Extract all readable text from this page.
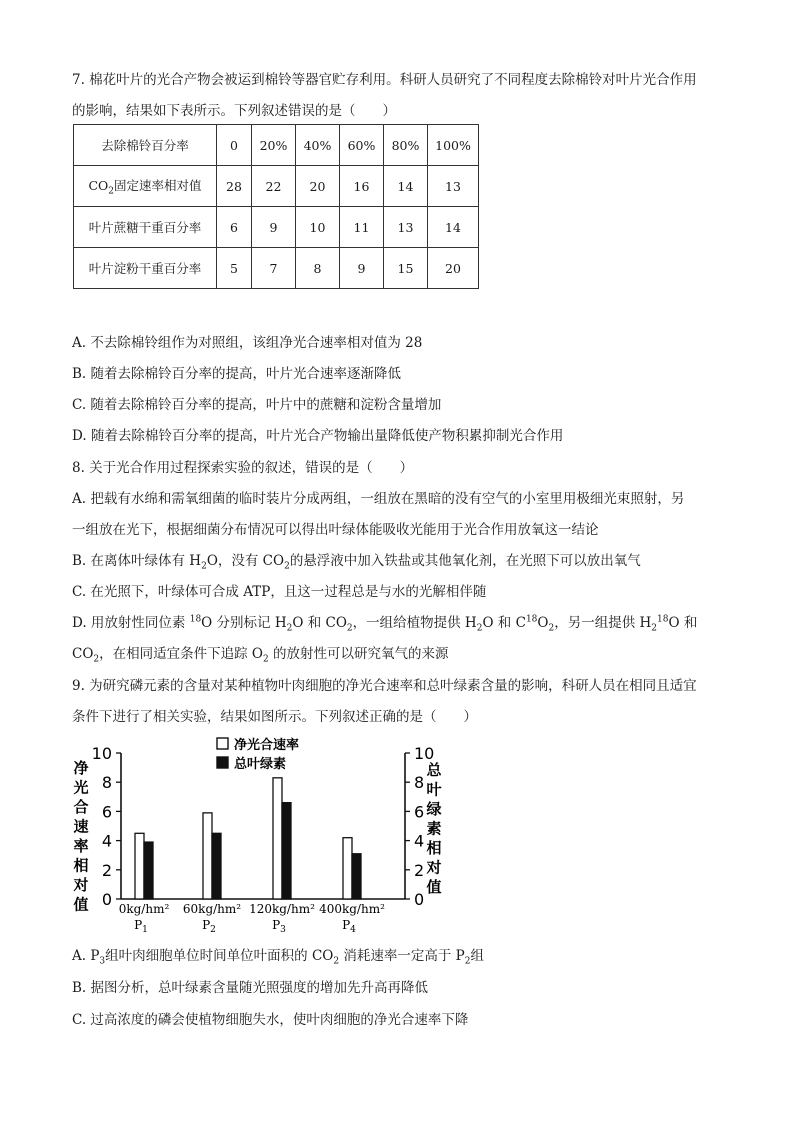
7. 棉花叶片的光合产物会被运到棉铃等器官贮存利用。科研人员研究了不同程度去除棉铃对叶片光合作用
的影响，结果如下表所示。下列叙述错误的是（　　）
去除棉铃百分率	0	20%	40%	60%	80%	100%
$CO_2$固定速率相对值	28	22	20	16	14	13
叶片蔗糖干重百分率	6	9	10	11	13	14
叶片淀粉干重百分率	5	7	8	9	15	20
A. 不去除棉铃组作为对照组，该组净光合速率相对值为 28
B. 随着去除棉铃百分率的提高，叶片光合速率逐渐降低
C. 随着去除棉铃百分率的提高，叶片中的蔗糖和淀粉含量增加
D. 随着去除棉铃百分率的提高，叶片光合产物输出量降低使产物积累抑制光合作用
8. 关于光合作用过程探索实验的叙述，错误的是（　　）
A. 把载有水绵和需氧细菌的临时装片分成两组，一组放在黑暗的没有空气的小室里用极细光束照射，另
一组放在光下，根据细菌分布情况可以得出叶绿体能吸收光能用于光合作用放氧这一结论
B. 在离体叶绿体有 $H_2O$，没有 $CO_2$的悬浮液中加入铁盐或其他氧化剂，在光照下可以放出氧气
C. 在光照下，叶绿体可合成 ATP，且这一过程总是与水的光解相伴随
D. 用放射性同位素 $^{18}$O 分别标记 $H_2O$ 和 $CO_2$，一组给植物提供 $H_2O$ 和 $C^{18}O_2$，另一组提供 $H_2^{18}O$ 和
$CO_2$，在相同适宜条件下追踪 $O_2$ 的放射性可以研究氧气的来源
9. 为研究磷元素的含量对某种植物叶肉细胞的净光合速率和总叶绿素含量的影响，科研人员在相同且适宜
条件下进行了相关实验，结果如图所示。下列叙述正确的是（　　）
0	0
2	2
4	4
6	6
8	8
10	10
净
光
合
速
率
相
对
值
总
叶
绿
素
相
对
值
0kg/hm²
$P_1$
60kg/hm²
$P_2$
120kg/hm²
$P_3$
400kg/hm²
$P_4$
净光合速率
总叶绿素
A. $P_3$组叶肉细胞单位时间单位叶面积的 $CO_2$ 消耗速率一定高于 $P_2$组
B. 据图分析，总叶绿素含量随光照强度的增加先升高再降低
C. 过高浓度的磷会使植物细胞失水，使叶肉细胞的净光合速率下降
